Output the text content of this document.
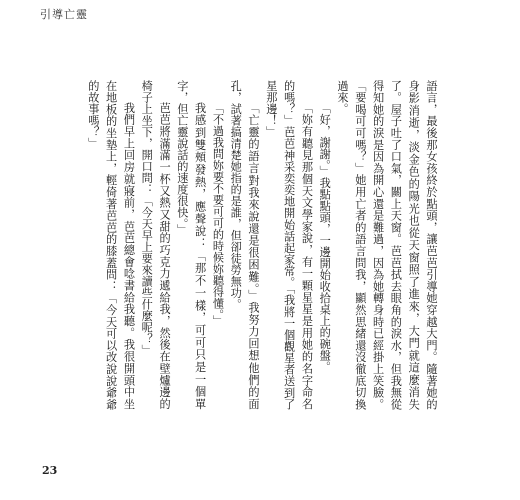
引導亡靈

語言，最後那女孩終於點頭，讓芭芭引導她穿越大門。隨著她的身影消逝，淡金色的陽光也從天窗照了進來，大門就這麼消失了。屋子吐了口氣，關上天窗。芭芭拭去眼角的淚水，但我無從得知她的淚是因為開心還是難過，因為她轉身時已經掛上笑臉。「要喝可可嗎？」她用亡者的語言問我，顯然思緒還沒徹底切換過來。

「好，謝謝。」我點點頭，一邊開始收拾桌上的碗盤。

「妳有聽見那個天文學家說，有一顆星星是用她的名字命名的嗎？」芭芭神采奕奕地開始話起家常。「我將一個觀星者送到了星那邊！」

「亡靈的語言對我來說還是很困難。」我努力回想他們的面孔，試著搞清楚她指的是誰，但卻徒勞無功。

「不過我問妳要不要可可的時候妳聽得懂。」

我感到雙頰發熱，應聲說：「那不一樣，可可只是一個單字，但亡靈說話的速度很快。」

芭芭將滿滿一杯又熱又甜的巧克力遞給我，然後在壁爐邊的椅子上坐下，開口問：「今天早上要來讀些什麼呢？」

我們早上回房就寢前，芭芭總會唸書給我聽。我很開頭中坐在地板的坐墊上，輕倚著芭芭的膝蓋問：「今天可以改說說爺爺的故事嗎？」

23
